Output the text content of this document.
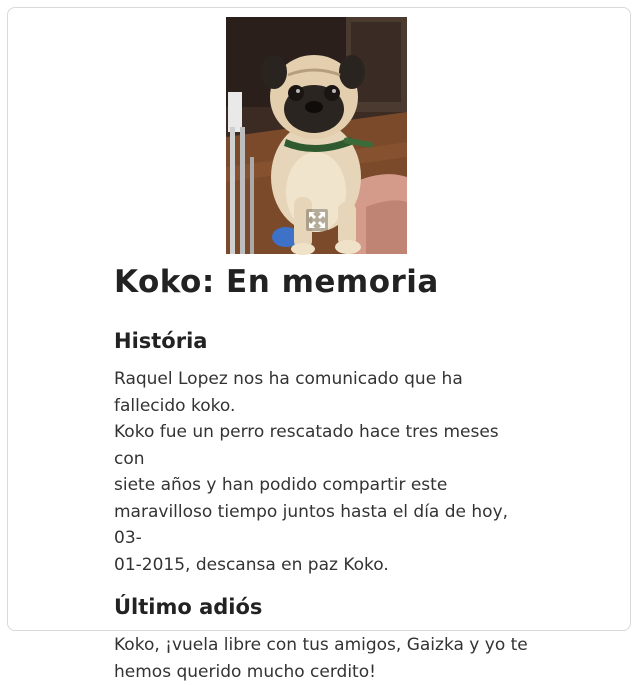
Koko: En memoria
História

Raquel Lopez nos ha comunicado que ha
fallecido koko.
Koko fue un perro rescatado hace tres meses con
siete años y han podido compartir este
maravilloso tiempo juntos hasta el día de hoy, 03-
01-2015, descansa en paz Koko.

Último adiós

Koko, ¡vuela libre con tus amigos, Gaizka y yo te
hemos querido mucho cerdito!
